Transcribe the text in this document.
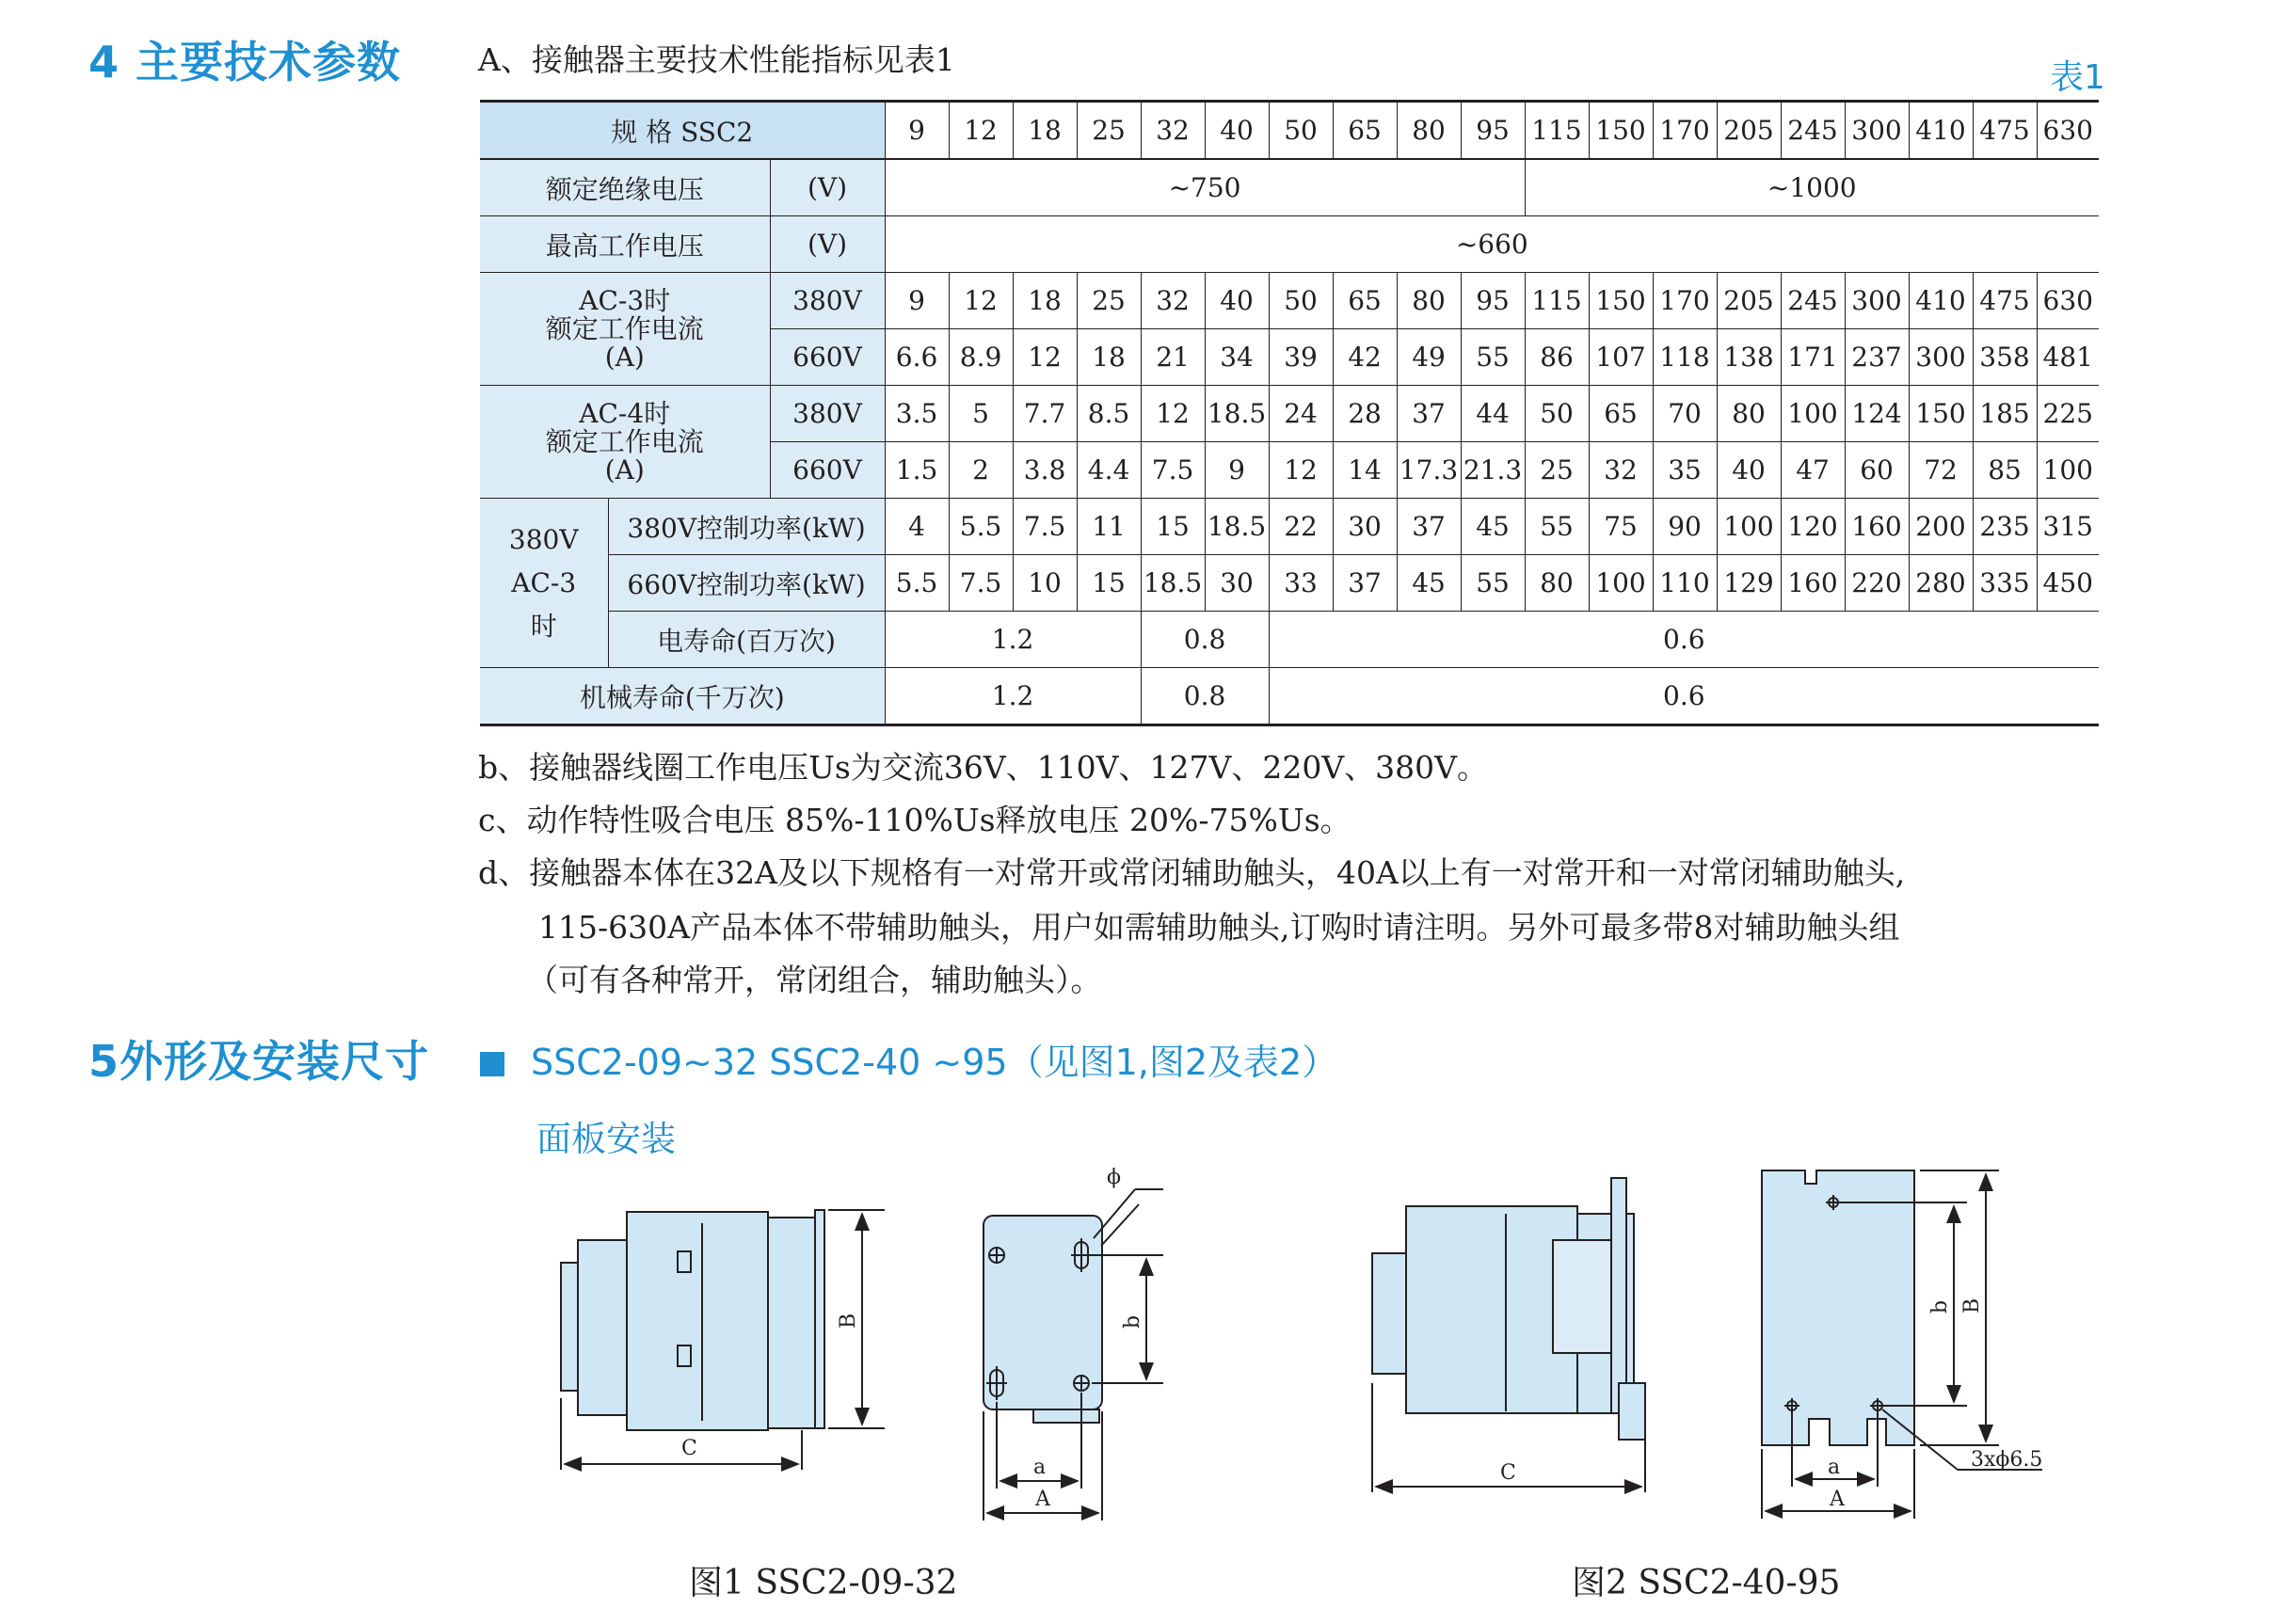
4 主要技术参数 A、接触器主要技术性能指标见表1	表1
规 格 SSC2			9	12	18	25	32	40	50	65	80	95	115	150	170	205	245	300	410	475	630
额定绝缘电压		(V)	~750										~1000								
最高工作电压		(V)	~660																		

AC-3时
额定工作电流
(A)		380V	9	12	18	25	32	40	50	65	80	95	115	150	170	205	245	300	410	475	630
		660V	6.6	8.9	12	18	21	34	39	42	49	55	86	107	118	138	171	237	300	358	481

AC-4时
额定工作电流
(A)		380V	3.5	5	7.7	8.5	12	18.5	24	28	37	44	50	65	70	80	100	124	150	185	225
		660V	1.5	2	3.8	4.4	7.5	9	12	14	17.3	21.3	25	32	35	40	47	60	72	85	100

380V
AC-3
时	380V控制功率(kW)		4	5.5	7.5	11	15	18.5	22	30	37	45	55	75	90	100	120	160	200	235	315
	660V控制功率(kW)		5.5	7.5	10	15	18.5	30	33	37	45	55	80	100	110	129	160	220	280	335	450
	电寿命(百万次)		1.2				0.8		0.6												
机械寿命(千万次)			1.2				0.8		0.6												
b、接触器线圈工作电压Us为交流36V、110V、127V、220V、380V。
c、动作特性吸合电压 85%-110%Us释放电压 20%-75%Us。
d、接触器本体在32A及以下规格有一对常开或常闭辅助触头，40A以上有一对常开和一对常闭辅助触头,
115-630A产品本体不带辅助触头，用户如需辅助触头,订购时请注明。另外可最多带8对辅助触头组
（可有各种常开，常闭组合，辅助触头）。
5外形及安装尺寸	SSC2-09~32 SSC2-40 ~95（见图1,图2及表2）
面板安装
C
B	b
a
A
ϕ
C
b B
a
A
3xϕ6.5
图1 SSC2-09-32	图2 SSC2-40-95
